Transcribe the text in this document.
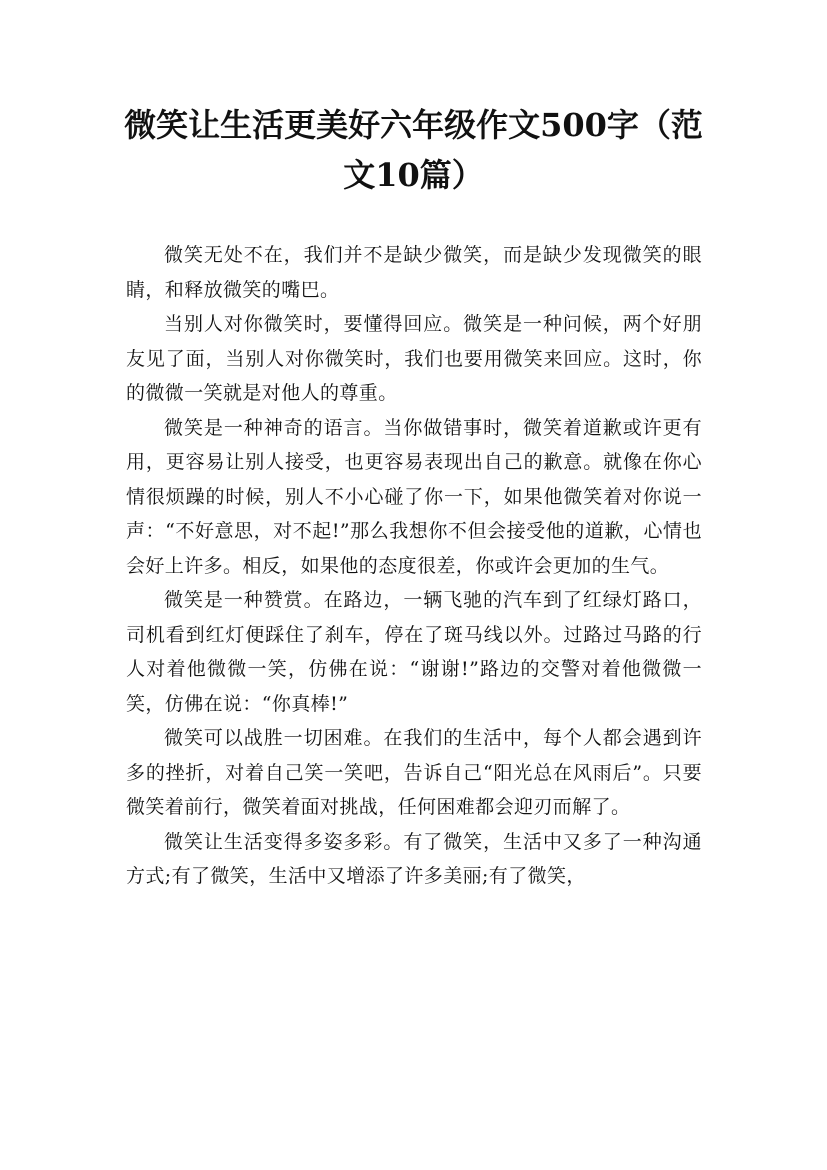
微笑让生活更美好六年级作文500字（范文10篇）

微笑无处不在，我们并不是缺少微笑，而是缺少发现微笑的眼睛，和释放微笑的嘴巴。

当别人对你微笑时，要懂得回应。微笑是一种问候，两个好朋友见了面，当别人对你微笑时，我们也要用微笑来回应。这时，你的微微一笑就是对他人的尊重。

微笑是一种神奇的语言。当你做错事时，微笑着道歉或许更有用，更容易让别人接受，也更容易表现出自己的歉意。就像在你心情很烦躁的时候，别人不小心碰了你一下，如果他微笑着对你说一声：“不好意思，对不起!”那么我想你不但会接受他的道歉，心情也会好上许多。相反，如果他的态度很差，你或许会更加的生气。

微笑是一种赞赏。在路边，一辆飞驰的汽车到了红绿灯路口，司机看到红灯便踩住了刹车，停在了斑马线以外。过路过马路的行人对着他微微一笑，仿佛在说：“谢谢!”路边的交警对着他微微一笑，仿佛在说：“你真棒!”

微笑可以战胜一切困难。在我们的生活中，每个人都会遇到许多的挫折，对着自己笑一笑吧，告诉自己“阳光总在风雨后”。只要微笑着前行，微笑着面对挑战，任何困难都会迎刃而解了。

微笑让生活变得多姿多彩。有了微笑，生活中又多了一种沟通方式;有了微笑，生活中又增添了许多美丽;有了微笑，
